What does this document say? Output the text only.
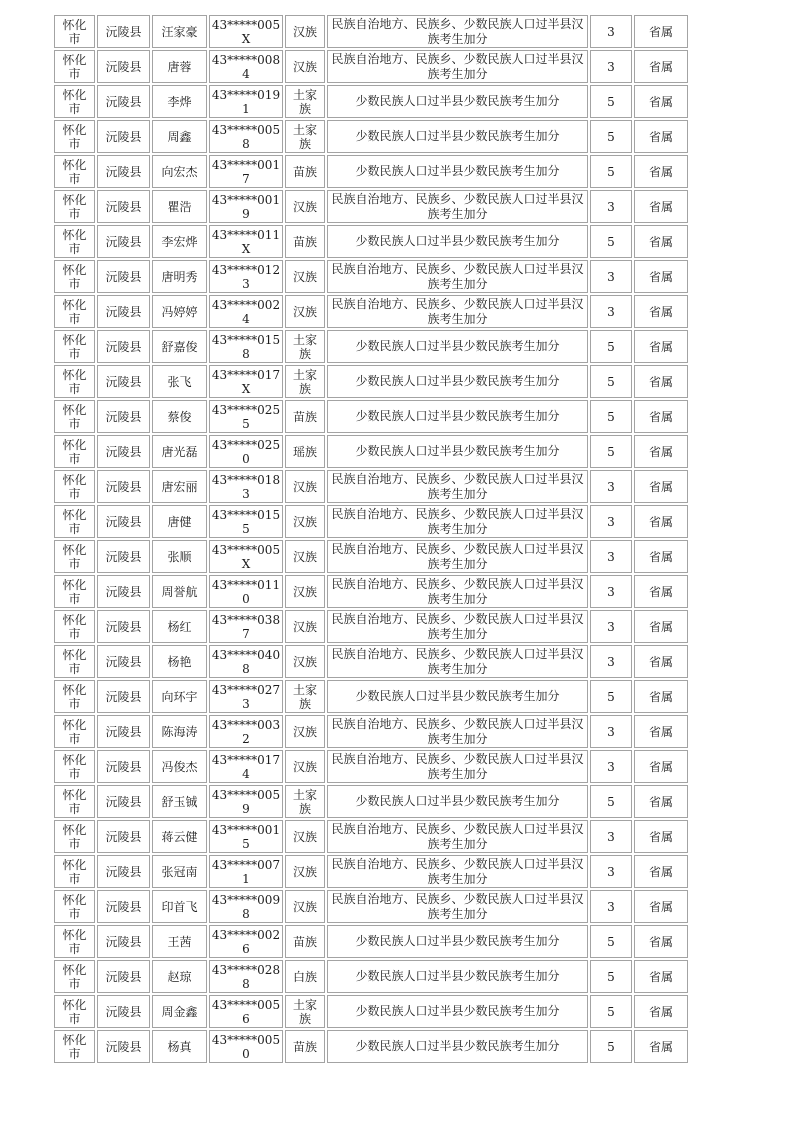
怀化市	沅陵县	汪家豪	43*****005X	汉族	民族自治地方、民族乡、少数民族人口过半县汉族考生加分	3	省属
怀化市	沅陵县	唐蓉	43*****0084	汉族	民族自治地方、民族乡、少数民族人口过半县汉族考生加分	3	省属
怀化市	沅陵县	李烨	43*****0191	土家族	少数民族人口过半县少数民族考生加分	5	省属
怀化市	沅陵县	周鑫	43*****0058	土家族	少数民族人口过半县少数民族考生加分	5	省属
怀化市	沅陵县	向宏杰	43*****0017	苗族	少数民族人口过半县少数民族考生加分	5	省属
怀化市	沅陵县	瞿浩	43*****0019	汉族	民族自治地方、民族乡、少数民族人口过半县汉族考生加分	3	省属
怀化市	沅陵县	李宏烨	43*****011X	苗族	少数民族人口过半县少数民族考生加分	5	省属
怀化市	沅陵县	唐明秀	43*****0123	汉族	民族自治地方、民族乡、少数民族人口过半县汉族考生加分	3	省属
怀化市	沅陵县	冯婷婷	43*****0024	汉族	民族自治地方、民族乡、少数民族人口过半县汉族考生加分	3	省属
怀化市	沅陵县	舒嘉俊	43*****0158	土家族	少数民族人口过半县少数民族考生加分	5	省属
怀化市	沅陵县	张飞	43*****017X	土家族	少数民族人口过半县少数民族考生加分	5	省属
怀化市	沅陵县	蔡俊	43*****0255	苗族	少数民族人口过半县少数民族考生加分	5	省属
怀化市	沅陵县	唐光磊	43*****0250	瑶族	少数民族人口过半县少数民族考生加分	5	省属
怀化市	沅陵县	唐宏丽	43*****0183	汉族	民族自治地方、民族乡、少数民族人口过半县汉族考生加分	3	省属
怀化市	沅陵县	唐健	43*****0155	汉族	民族自治地方、民族乡、少数民族人口过半县汉族考生加分	3	省属
怀化市	沅陵县	张顺	43*****005X	汉族	民族自治地方、民族乡、少数民族人口过半县汉族考生加分	3	省属
怀化市	沅陵县	周誉航	43*****0110	汉族	民族自治地方、民族乡、少数民族人口过半县汉族考生加分	3	省属
怀化市	沅陵县	杨红	43*****0387	汉族	民族自治地方、民族乡、少数民族人口过半县汉族考生加分	3	省属
怀化市	沅陵县	杨艳	43*****0408	汉族	民族自治地方、民族乡、少数民族人口过半县汉族考生加分	3	省属
怀化市	沅陵县	向环宇	43*****0273	土家族	少数民族人口过半县少数民族考生加分	5	省属
怀化市	沅陵县	陈海涛	43*****0032	汉族	民族自治地方、民族乡、少数民族人口过半县汉族考生加分	3	省属
怀化市	沅陵县	冯俊杰	43*****0174	汉族	民族自治地方、民族乡、少数民族人口过半县汉族考生加分	3	省属
怀化市	沅陵县	舒玉铖	43*****0059	土家族	少数民族人口过半县少数民族考生加分	5	省属
怀化市	沅陵县	蒋云健	43*****0015	汉族	民族自治地方、民族乡、少数民族人口过半县汉族考生加分	3	省属
怀化市	沅陵县	张冠南	43*****0071	汉族	民族自治地方、民族乡、少数民族人口过半县汉族考生加分	3	省属
怀化市	沅陵县	印首飞	43*****0098	汉族	民族自治地方、民族乡、少数民族人口过半县汉族考生加分	3	省属
怀化市	沅陵县	王茜	43*****0026	苗族	少数民族人口过半县少数民族考生加分	5	省属
怀化市	沅陵县	赵琼	43*****0288	白族	少数民族人口过半县少数民族考生加分	5	省属
怀化市	沅陵县	周金鑫	43*****0056	土家族	少数民族人口过半县少数民族考生加分	5	省属
怀化市	沅陵县	杨真	43*****0050	苗族	少数民族人口过半县少数民族考生加分	5	省属
